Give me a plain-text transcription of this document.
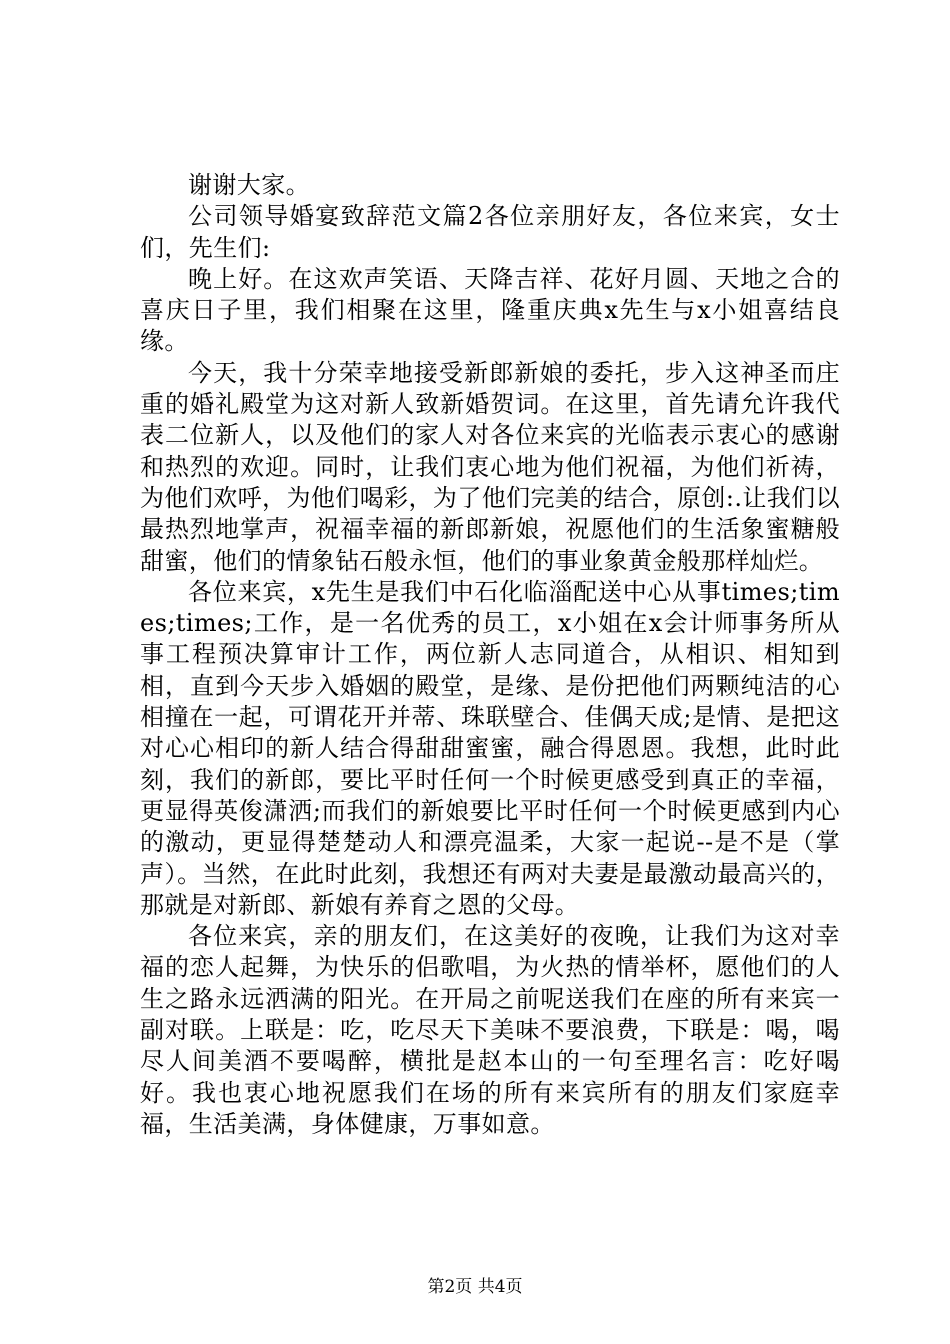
谢谢大家。

公司领导婚宴致辞范文篇2各位亲朋好友，各位来宾，女士们，先生们:

晚上好。在这欢声笑语、天降吉祥、花好月圆、天地之合的喜庆日子里，我们相聚在这里，隆重庆典x先生与x小姐喜结良缘。

今天，我十分荣幸地接受新郎新娘的委托，步入这神圣而庄重的婚礼殿堂为这对新人致新婚贺词。在这里，首先请允许我代表二位新人，以及他们的家人对各位来宾的光临表示衷心的感谢和热烈的欢迎。同时，让我们衷心地为他们祝福，为他们祈祷，为他们欢呼，为他们喝彩，为了他们完美的结合，原创:.让我们以最热烈地掌声，祝福幸福的新郎新娘，祝愿他们的生活象蜜糖般甜蜜，他们的情象钻石般永恒，他们的事业象黄金般那样灿烂。

各位来宾，x先生是我们中石化临淄配送中心从事times;times;times;工作，是一名优秀的员工，x小姐在x会计师事务所从事工程预决算审计工作，两位新人志同道合，从相识、相知到相，直到今天步入婚姻的殿堂，是缘、是份把他们两颗纯洁的心相撞在一起，可谓花开并蒂、珠联壁合、佳偶天成;是情、是把这对心心相印的新人结合得甜甜蜜蜜，融合得恩恩。我想，此时此刻，我们的新郎，要比平时任何一个时候更感受到真正的幸福，更显得英俊潇洒;而我们的新娘要比平时任何一个时候更感到内心的激动，更显得楚楚动人和漂亮温柔，大家一起说--是不是（掌声）。当然，在此时此刻，我想还有两对夫妻是最激动最高兴的，那就是对新郎、新娘有养育之恩的父母。

各位来宾，亲的朋友们，在这美好的夜晚，让我们为这对幸福的恋人起舞，为快乐的侣歌唱，为火热的情举杯，愿他们的人生之路永远洒满的阳光。在开局之前呢送我们在座的所有来宾一副对联。上联是：吃，吃尽天下美味不要浪费，下联是：喝，喝尽人间美酒不要喝醉，横批是赵本山的一句至理名言：吃好喝好。我也衷心地祝愿我们在场的所有来宾所有的朋友们家庭幸福，生活美满，身体健康，万事如意。

第2页 共4页
